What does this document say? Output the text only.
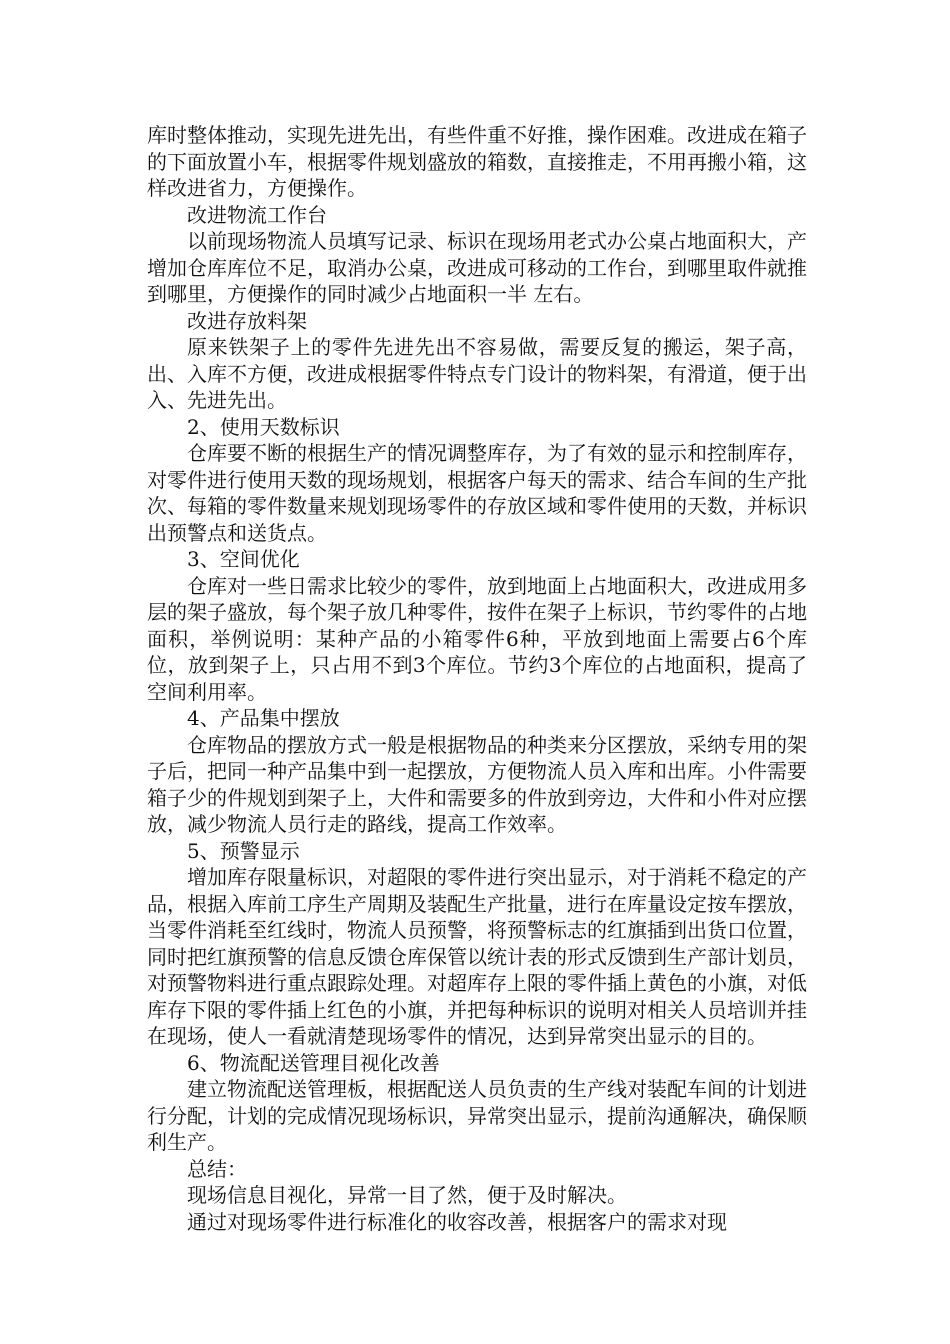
库时整体推动，实现先进先出，有些件重不好推，操作困难。改进成在箱子的下面放置小车，根据零件规划盛放的箱数，直接推走，不用再搬小箱，这样改进省力，方便操作。

改进物流工作台

以前现场物流人员填写记录、标识在现场用老式办公桌占地面积大，产增加仓库库位不足，取消办公桌，改进成可移动的工作台，到哪里取件就推到哪里，方便操作的同时减少占地面积一半 左右。

改进存放料架

原来铁架子上的零件先进先出不容易做，需要反复的搬运，架子高，出、入库不方便，改进成根据零件特点专门设计的物料架，有滑道，便于出入、先进先出。

2、使用天数标识

仓库要不断的根据生产的情况调整库存，为了有效的显示和控制库存，对零件进行使用天数的现场规划，根据客户每天的需求、结合车间的生产批次、每箱的零件数量来规划现场零件的存放区域和零件使用的天数，并标识出预警点和送货点。

3、空间优化

仓库对一些日需求比较少的零件，放到地面上占地面积大，改进成用多层的架子盛放，每个架子放几种零件，按件在架子上标识，节约零件的占地面积，举例说明：某种产品的小箱零件6种，平放到地面上需要占6个库位，放到架子上，只占用不到3个库位。节约3个库位的占地面积，提高了空间利用率。

4、产品集中摆放

仓库物品的摆放方式一般是根据物品的种类来分区摆放，采纳专用的架子后，把同一种产品集中到一起摆放，方便物流人员入库和出库。小件需要箱子少的件规划到架子上，大件和需要多的件放到旁边，大件和小件对应摆放，减少物流人员行走的路线，提高工作效率。

5、预警显示

增加库存限量标识，对超限的零件进行突出显示，对于消耗不稳定的产品，根据入库前工序生产周期及装配生产批量，进行在库量设定按车摆放，当零件消耗至红线时，物流人员预警，将预警标志的红旗插到出货口位置，同时把红旗预警的信息反馈仓库保管以统计表的形式反馈到生产部计划员，对预警物料进行重点跟踪处理。对超库存上限的零件插上黄色的小旗，对低库存下限的零件插上红色的小旗，并把每种标识的说明对相关人员培训并挂在现场，使人一看就清楚现场零件的情况，达到异常突出显示的目的。

6、物流配送管理目视化改善

建立物流配送管理板，根据配送人员负责的生产线对装配车间的计划进行分配，计划的完成情况现场标识，异常突出显示，提前沟通解决，确保顺利生产。

总结：

现场信息目视化，异常一目了然，便于及时解决。

通过对现场零件进行标准化的收容改善，根据客户的需求对现
